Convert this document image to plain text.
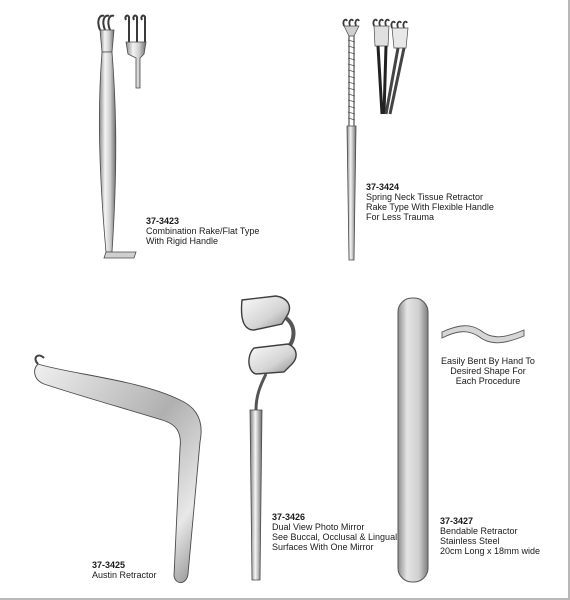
37-3423
Combination Rake/Flat Type
With Rigid Handle
37-3424
Spring Neck Tissue Retractor
Rake Type With Flexible Handle
For Less Trauma
37-3425
Austin Retractor
37-3426
Dual View Photo Mirror
See Buccal, Occlusal & Lingual
Surfaces With One Mirror
Easily Bent By Hand To
Desired Shape For
Each Procedure
37-3427
Bendable Retractor
Stainless Steel
20cm Long x 18mm wide
